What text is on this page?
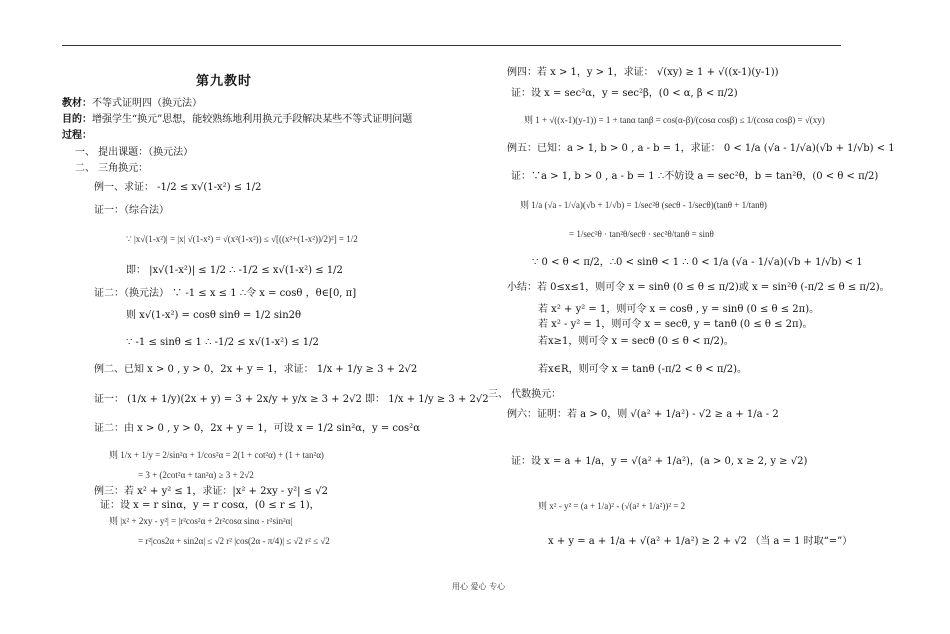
第九教时
教材：不等式证明四（换元法）
目的：增强学生“换元”思想，能较熟练地利用换元手段解决某些不等式证明问题
过程：
一、 提出课题：（换元法）
二、 三角换元：
例一、求证： -1/2 ≤ x√(1-x²) ≤ 1/2
证一：（综合法）
∵ |x√(1-x²)| = |x| √(1-x²) = √(x²(1-x²)) ≤ √[((x²+(1-x²))/2)²] = 1/2
即： |x√(1-x²)| ≤ 1/2 ∴ -1/2 ≤ x√(1-x²) ≤ 1/2
证二：（换元法） ∵ -1 ≤ x ≤ 1 ∴令 x = cosθ ，θ∈[0, π]
则 x√(1-x²) = cosθ sinθ = 1/2 sin2θ
∵ -1 ≤ sinθ ≤ 1 ∴ -1/2 ≤ x√(1-x²) ≤ 1/2
例二、已知 x > 0 , y > 0，2x + y = 1，求证： 1/x + 1/y ≥ 3 + 2√2
证一： (1/x + 1/y)(2x + y) = 3 + 2x/y + y/x ≥ 3 + 2√2 即： 1/x + 1/y ≥ 3 + 2√2
证二：由 x > 0 , y > 0，2x + y = 1，可设 x = 1/2 sin²α，y = cos²α
则 1/x + 1/y = 2/sin²α + 1/cos²α = 2(1 + cot²α) + (1 + tan²α)
= 3 + (2cot²α + tan²α) ≥ 3 + 2√2
例三：若 x² + y² ≤ 1，求证：|x² + 2xy - y²| ≤ √2
证：设 x = r sinα，y = r cosα，(0 ≤ r ≤ 1)，
则 |x² + 2xy - y²| = |r²cos²α + 2r²cosα sinα - r²sin²α|
= r²|cos2α + sin2α| ≤ √2 r² |cos(2α - π/4)| ≤ √2 r² ≤ √2
例四：若 x > 1，y > 1，求证： √(xy) ≥ 1 + √((x-1)(y-1))
证：设 x = sec²α，y = sec²β，(0 < α, β < π/2)
则 1 + √((x-1)(y-1)) = 1 + tanα tanβ = cos(α-β)/(cosα cosβ) ≤ 1/(cosα cosβ) = √(xy)
例五：已知：a > 1, b > 0 , a - b = 1，求证： 0 < 1/a (√a - 1/√a)(√b + 1/√b) < 1
证：∵a > 1, b > 0 , a - b = 1 ∴不妨设 a = sec²θ，b = tan²θ，(0 < θ < π/2)
则 1/a (√a - 1/√a)(√b + 1/√b) = 1/sec²θ (secθ - 1/secθ)(tanθ + 1/tanθ)
= 1/sec²θ · tan²θ/secθ · sec²θ/tanθ = sinθ
∵ 0 < θ < π/2，∴0 < sinθ < 1 ∴ 0 < 1/a (√a - 1/√a)(√b + 1/√b) < 1
小结：若 0≤x≤1，则可令 x = sinθ (0 ≤ θ ≤ π/2)或 x = sin²θ (-π/2 ≤ θ ≤ π/2)。
若 x² + y² = 1，则可令 x = cosθ , y = sinθ (0 ≤ θ ≤ 2π)。
若 x² - y² = 1，则可令 x = secθ, y = tanθ (0 ≤ θ ≤ 2π)。
若x≥1，则可令 x = secθ (0 ≤ θ < π/2)。
若x∈R，则可令 x = tanθ (-π/2 < θ < π/2)。
三、 代数换元：
例六：证明：若 a > 0，则 √(a² + 1/a²) - √2 ≥ a + 1/a - 2
证：设 x = a + 1/a，y = √(a² + 1/a²)，(a > 0, x ≥ 2, y ≥ √2)
则 x² - y² = (a + 1/a)² - (√(a² + 1/a²))² = 2
x + y = a + 1/a + √(a² + 1/a²) ≥ 2 + √2 （当 a = 1 时取“=”）
用心 爱心 专心
